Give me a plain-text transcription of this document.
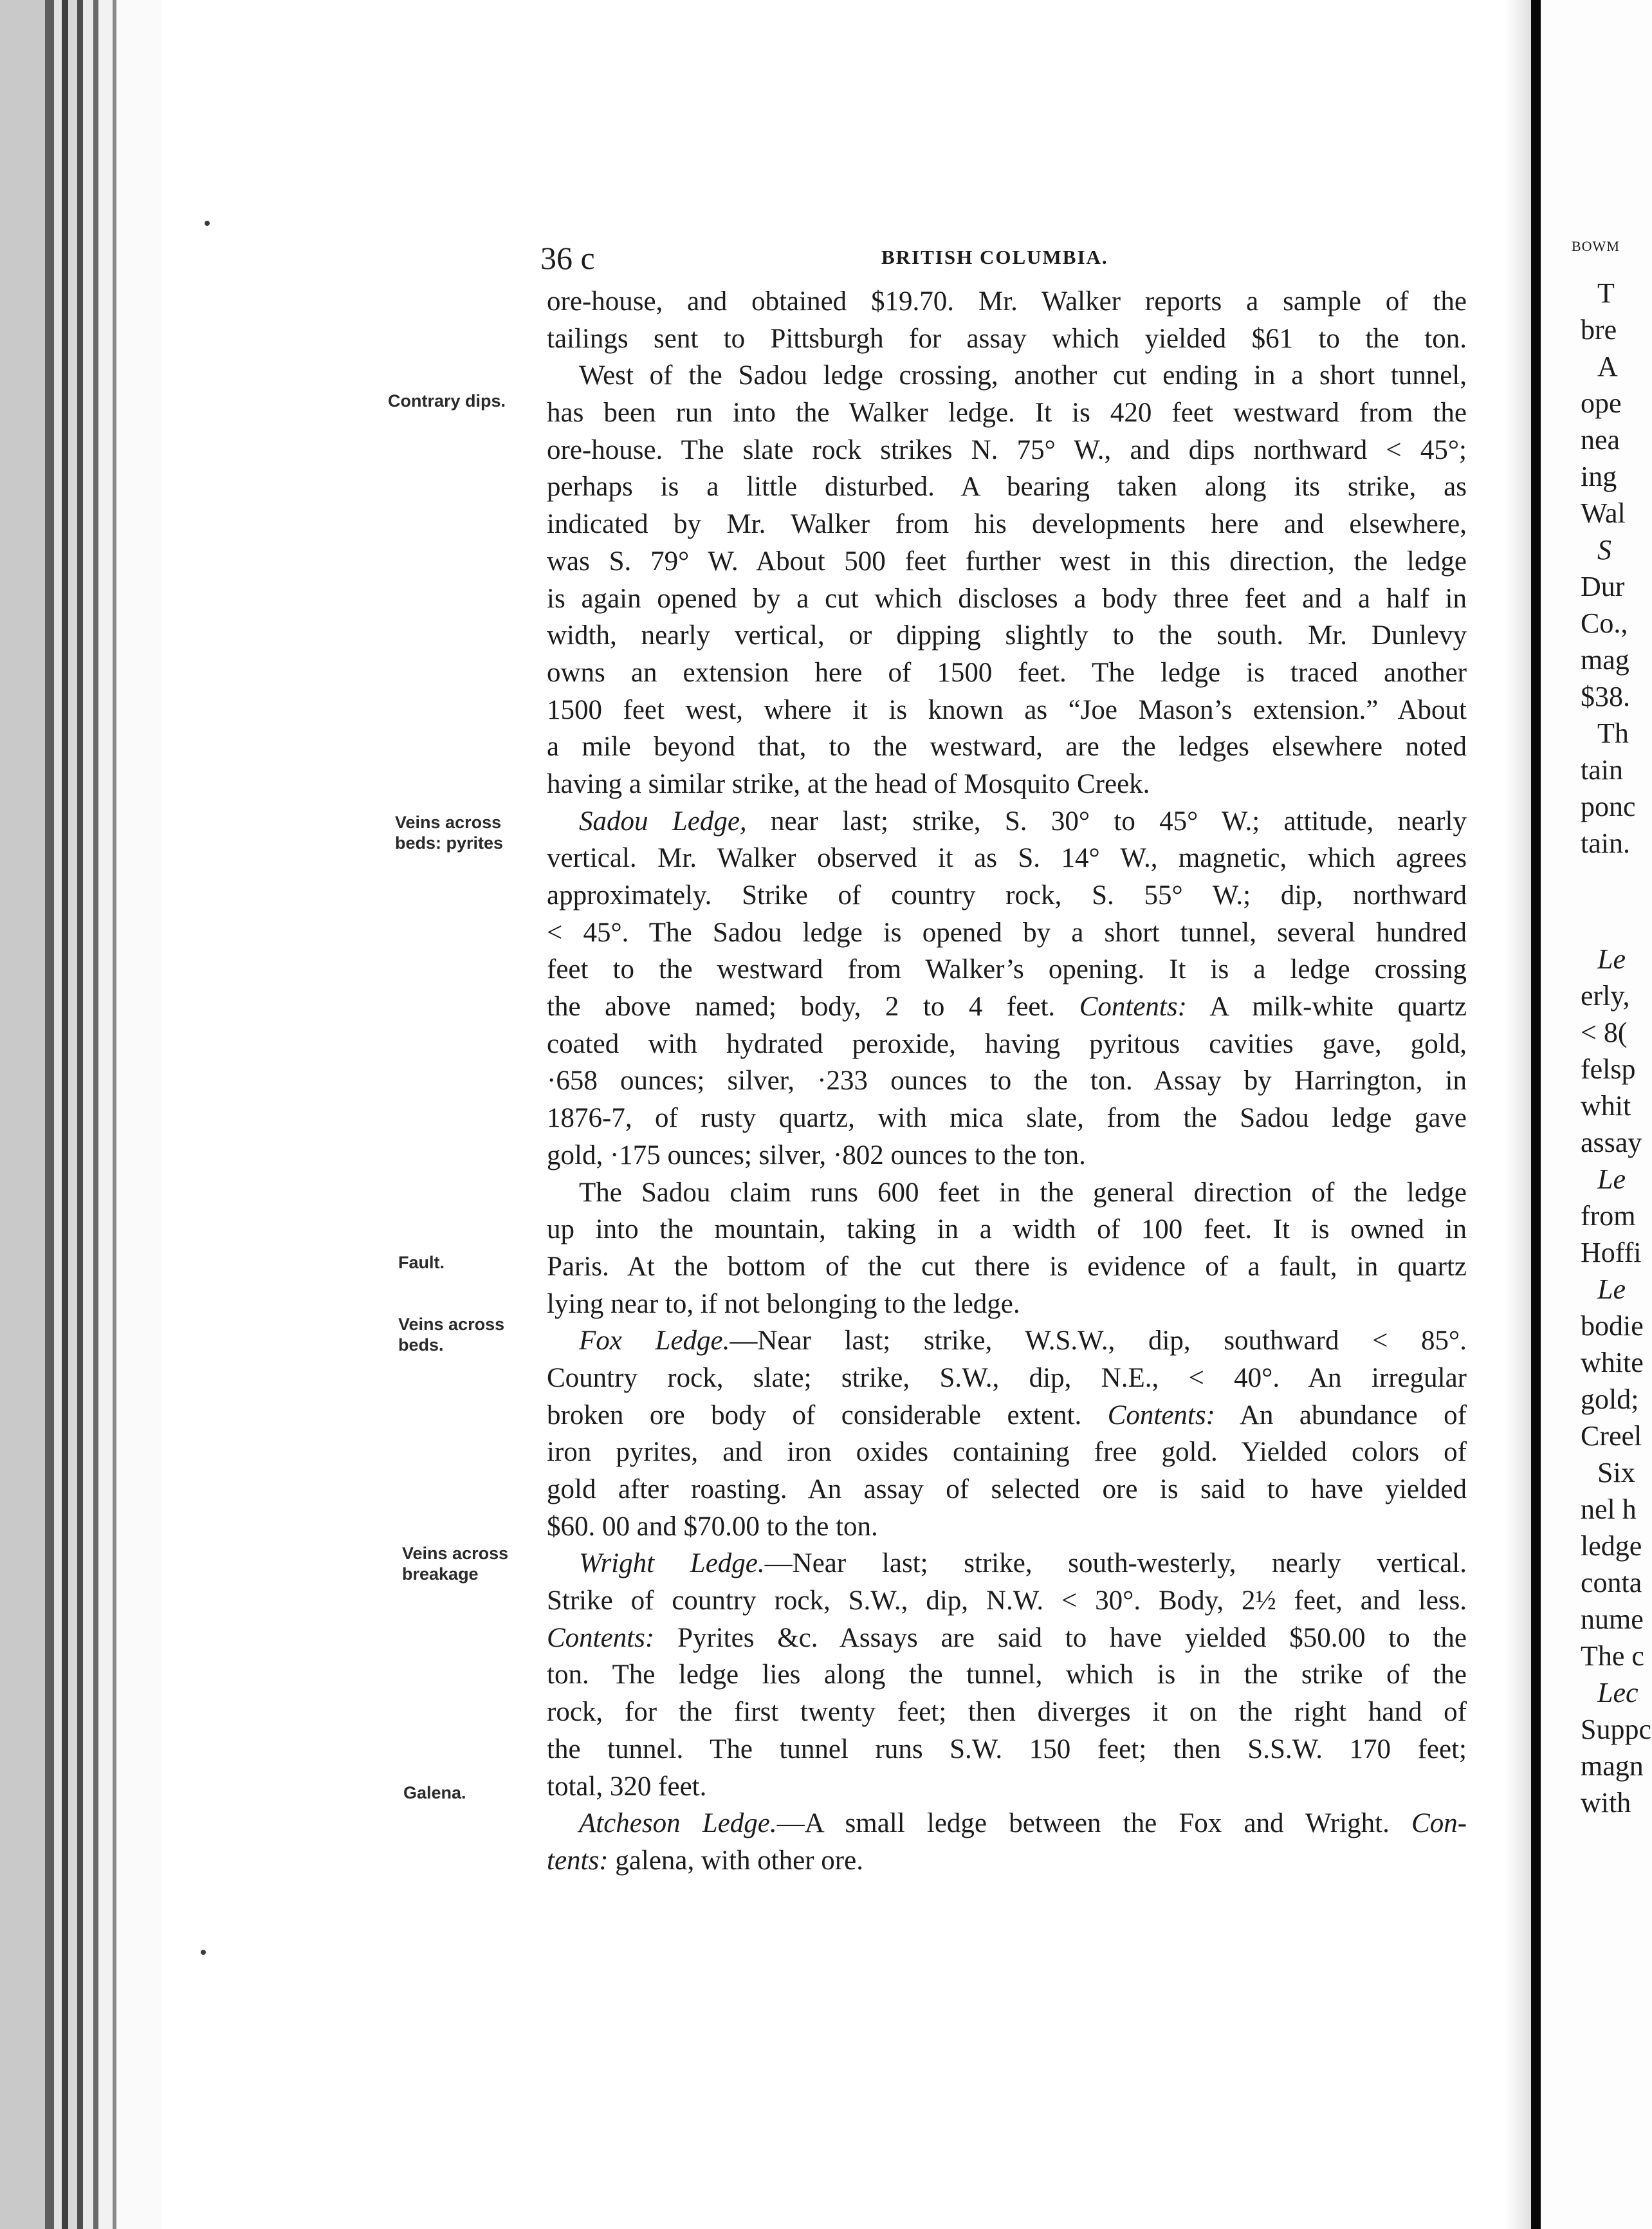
36 c	BRITISH COLUMBIA.
Contrary dips.
Veins across
beds: pyrites
Fault.
Veins across
beds.
Veins across
breakage
Galena.
ore-house, and obtained $19.70. Mr. Walker reports a sample of the
tailings sent to Pittsburgh for assay which yielded $61 to the ton.
West of the Sadou ledge crossing, another cut ending in a short tunnel,
has been run into the Walker ledge. It is 420 feet westward from the
ore-house. The slate rock strikes N. 75° W., and dips northward < 45°;
perhaps is a little disturbed. A bearing taken along its strike, as
indicated by Mr. Walker from his developments here and elsewhere,
was S. 79° W. About 500 feet further west in this direction, the ledge
is again opened by a cut which discloses a body three feet and a half in
width, nearly vertical, or dipping slightly to the south. Mr. Dunlevy
owns an extension here of 1500 feet. The ledge is traced another
1500 feet west, where it is known as “Joe Mason’s extension.” About
a mile beyond that, to the westward, are the ledges elsewhere noted
having a similar strike, at the head of Mosquito Creek.
Sadou Ledge, near last; strike, S. 30° to 45° W.; attitude, nearly
vertical. Mr. Walker observed it as S. 14° W., magnetic, which agrees
approximately. Strike of country rock, S. 55° W.; dip, northward
< 45°. The Sadou ledge is opened by a short tunnel, several hundred
feet to the westward from Walker’s opening. It is a ledge crossing
the above named; body, 2 to 4 feet. Contents: A milk-white quartz
coated with hydrated peroxide, having pyritous cavities gave, gold,
·658 ounces; silver, ·233 ounces to the ton. Assay by Harrington, in
1876-7, of rusty quartz, with mica slate, from the Sadou ledge gave
gold, ·175 ounces; silver, ·802 ounces to the ton.
The Sadou claim runs 600 feet in the general direction of the ledge
up into the mountain, taking in a width of 100 feet. It is owned in
Paris. At the bottom of the cut there is evidence of a fault, in quartz
lying near to, if not belonging to the ledge.
Fox Ledge.—Near last; strike, W.S.W., dip, southward < 85°.
Country rock, slate; strike, S.W., dip, N.E., < 40°. An irregular
broken ore body of considerable extent. Contents: An abundance of
iron pyrites, and iron oxides containing free gold. Yielded colors of
gold after roasting. An assay of selected ore is said to have yielded
$60. 00 and $70.00 to the ton.
Wright Ledge.—Near last; strike, south-westerly, nearly vertical.
Strike of country rock, S.W., dip, N.W. < 30°. Body, 2½ feet, and less.
Contents: Pyrites &c. Assays are said to have yielded $50.00 to the
ton. The ledge lies along the tunnel, which is in the strike of the
rock, for the first twenty feet; then diverges it on the right hand of
the tunnel. The tunnel runs S.W. 150 feet; then S.S.W. 170 feet;
total, 320 feet.
Atcheson Ledge.—A small ledge between the Fox and Wright. Con-
tents: galena, with other ore.
BOWM
T
bre
A
ope
nea
ing
Wal
S
Dur
Co.,
mag
$38.
Th
tain
ponc
tain.
Le
erly,
< 8(
felsp
whit
assay
Le
from
Hoffi
Le
bodie
white
gold;
Creel
Six
nel h
ledge
conta
nume
The c
Lec
Suppc
magn
with
